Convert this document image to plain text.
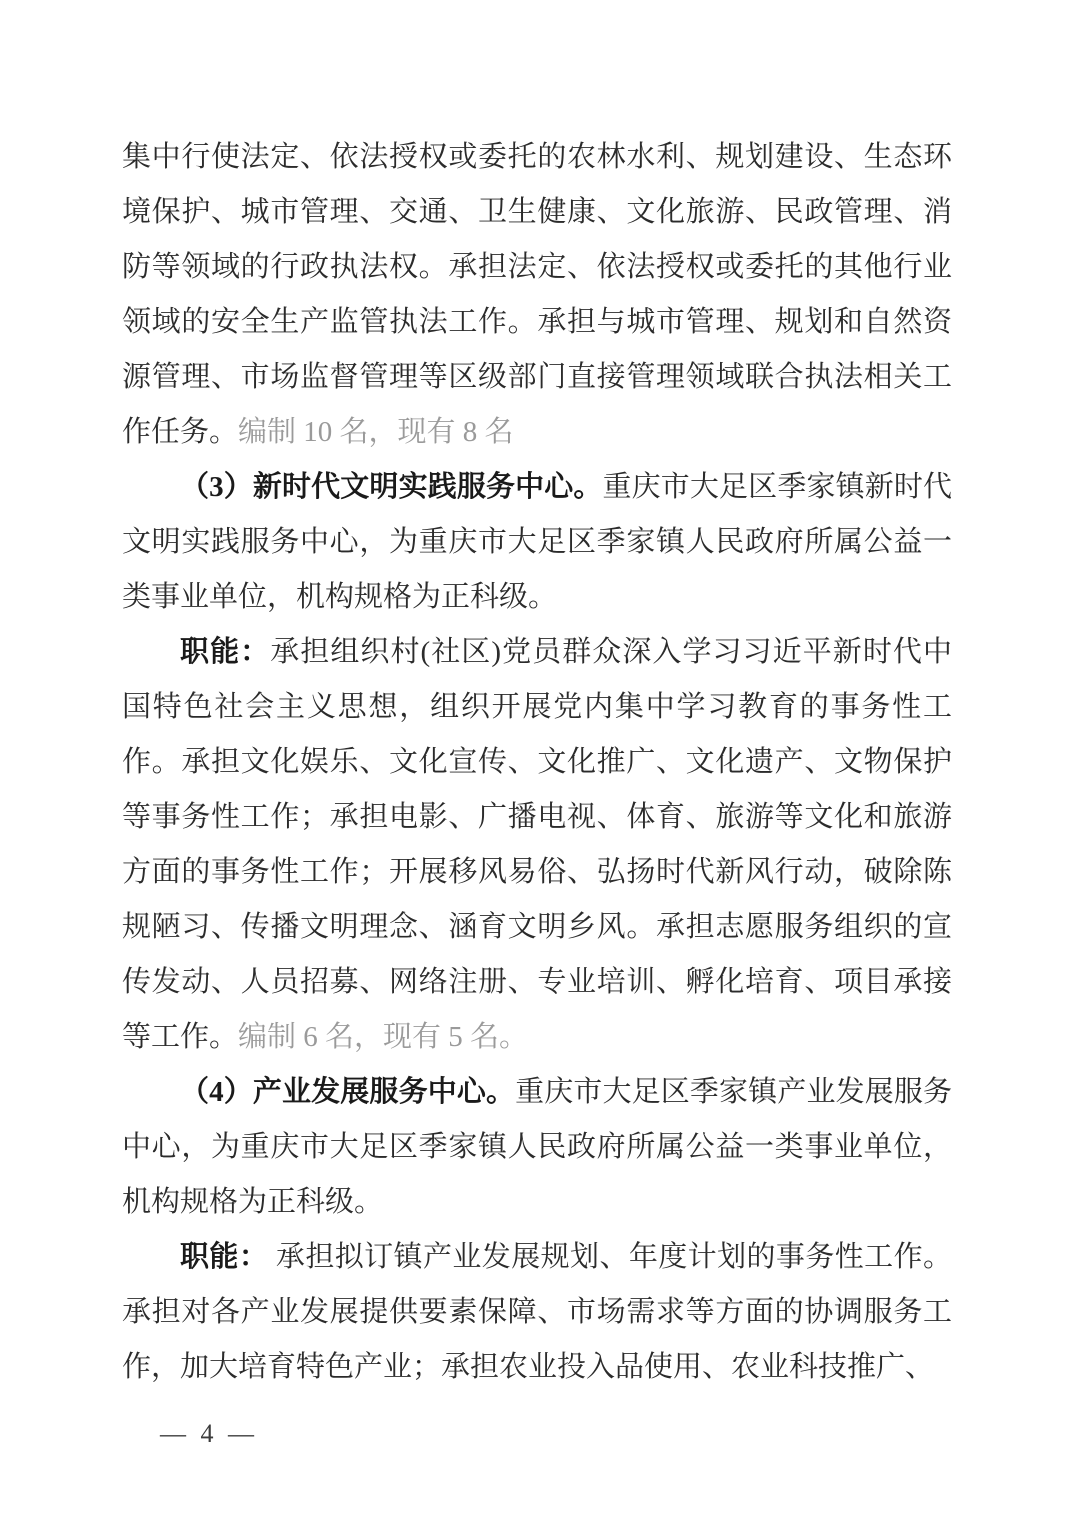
集中行使法定、依法授权或委托的农林水利、规划建设、生态环境保护、城市管理、交通、卫生健康、文化旅游、民政管理、消防等领域的行政执法权。承担法定、依法授权或委托的其他行业领域的安全生产监管执法工作。承担与城市管理、规划和自然资源管理、市场监督管理等区级部门直接管理领域联合执法相关工作任务。编制 10 名，现有 8 名

（3）新时代文明实践服务中心。重庆市大足区季家镇新时代文明实践服务中心，为重庆市大足区季家镇人民政府所属公益一类事业单位，机构规格为正科级。

职能：承担组织村(社区)党员群众深入学习习近平新时代中国特色社会主义思想，组织开展党内集中学习教育的事务性工作。承担文化娱乐、文化宣传、文化推广、文化遗产、文物保护等事务性工作；承担电影、广播电视、体育、旅游等文化和旅游方面的事务性工作；开展移风易俗、弘扬时代新风行动，破除陈规陋习、传播文明理念、涵育文明乡风。承担志愿服务组织的宣传发动、人员招募、网络注册、专业培训、孵化培育、项目承接等工作。编制 6 名，现有 5 名。

（4）产业发展服务中心。重庆市大足区季家镇产业发展服务中心，为重庆市大足区季家镇人民政府所属公益一类事业单位，机构规格为正科级。

职能： 承担拟订镇产业发展规划、年度计划的事务性工作。承担对各产业发展提供要素保障、市场需求等方面的协调服务工作，加大培育特色产业；承担农业投入品使用、农业科技推广、

— 4 —
